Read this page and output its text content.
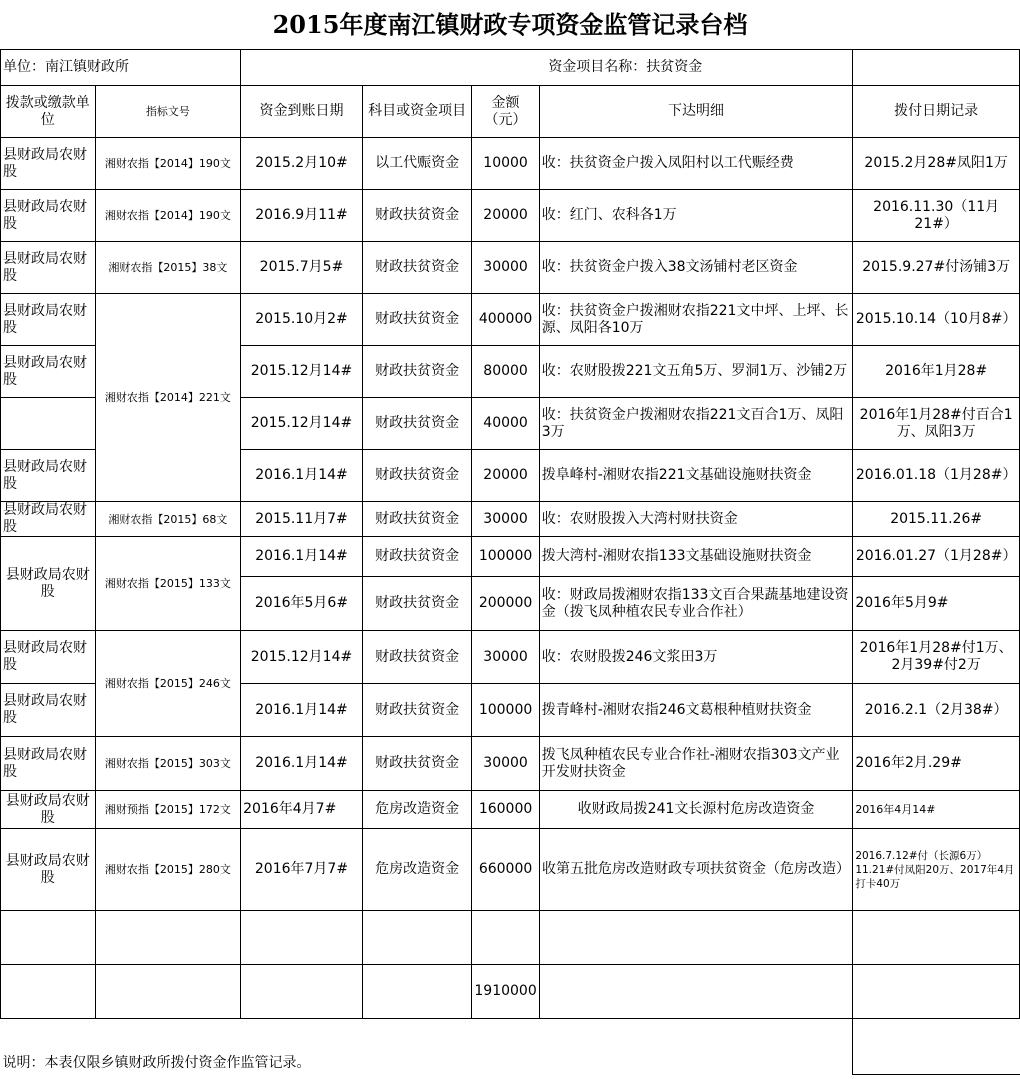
2015年度南江镇财政专项资金监管记录台档
单位：南江镇财政所		资金项目名称：扶贫资金				
拨款或缴款单位	指标文号	资金到账日期	科目或资金项目	金额（元）	下达明细	拨付日期记录
县财政局农财股	湘财农指【2014】190文	2015.2月10#	以工代赈资金	10000	收：扶贫资金户拨入凤阳村以工代赈经费	2015.2月28#凤阳1万
县财政局农财股	湘财农指【2014】190文	2016.9月11#	财政扶贫资金	20000	收：红门、农科各1万	2016.11.30（11月21#）
县财政局农财股	湘财农指【2015】38文	2015.7月5#	财政扶贫资金	30000	收：扶贫资金户拨入38文汤铺村老区资金	2015.9.27#付汤铺3万
县财政局农财股	湘财农指【2014】221文	2015.10月2#	财政扶贫资金	400000	收：扶贫资金户拨湘财农指221文中坪、上坪、长源、凤阳各10万	2015.10.14（10月8#）
县财政局农财股		2015.12月14#	财政扶贫资金	80000	收：农财股拨221文五角5万、罗洞1万、沙铺2万	2016年1月28#
		2015.12月14#	财政扶贫资金	40000	收：扶贫资金户拨湘财农指221文百合1万、凤阳3万	2016年1月28#付百合1万、凤阳3万
县财政局农财股		2016.1月14#	财政扶贫资金	20000	拨阜峰村-湘财农指221文基础设施财扶资金	2016.01.18（1月28#）
县财政局农财股	湘财农指【2015】68文	2015.11月7#	财政扶贫资金	30000	收：农财股拨入大湾村财扶资金	2015.11.26#
县财政局农财股	湘财农指【2015】133文	2016.1月14#	财政扶贫资金	100000	拨大湾村-湘财农指133文基础设施财扶资金	2016.01.27（1月28#）
		2016年5月6#	财政扶贫资金	200000	收：财政局拨湘财农指133文百合果蔬基地建设资金（拨飞凤种植农民专业合作社）	2016年5月9#
县财政局农财股	湘财农指【2015】246文	2015.12月14#	财政扶贫资金	30000	收：农财股拨246文浆田3万	2016年1月28#付1万、2月39#付2万
县财政局农财股		2016.1月14#	财政扶贫资金	100000	拨青峰村-湘财农指246文葛根种植财扶资金	2016.2.1（2月38#）
县财政局农财股	湘财农指【2015】303文	2016.1月14#	财政扶贫资金	30000	拨飞凤种植农民专业合作社-湘财农指303文产业开发财扶资金	2016年2月.29#
县财政局农财股	湘财预指【2015】172文	2016年4月7#	危房改造资金	160000	收财政局拨241文长源村危房改造资金	2016年4月14#
县财政局农财股	湘财农指【2015】280文	2016年7月7#	危房改造资金	660000	收第五批危房改造财政专项扶贫资金（危房改造）	2016.7.12#付（长源6万）11.21#付凤阳20万、2017年4月打卡40万

				1910000		
说明：本表仅限乡镇财政所拨付资金作监管记录。						
